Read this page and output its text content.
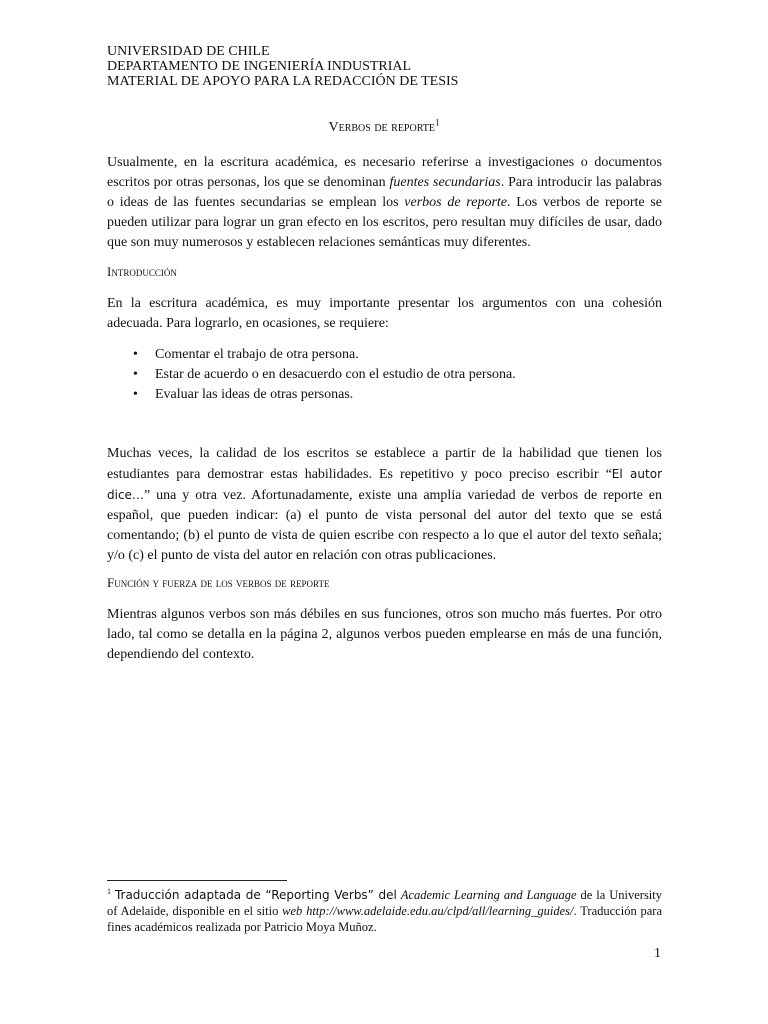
UNIVERSIDAD DE CHILE
DEPARTAMENTO DE INGENIERÍA INDUSTRIAL
MATERIAL DE APOYO PARA LA REDACCIÓN DE TESIS
Verbos de reporte$^1$

Usualmente, en la escritura académica, es necesario referirse a investigaciones o documentos escritos por otras personas, los que se denominan fuentes secundarias. Para introducir las palabras o ideas de las fuentes secundarias se emplean los verbos de reporte. Los verbos de reporte se pueden utilizar para lograr un gran efecto en los escritos, pero resultan muy difíciles de usar, dado que son muy numerosos y establecen relaciones semánticas muy diferentes.

Introducción

En la escritura académica, es muy importante presentar los argumentos con una cohesión adecuada. Para lograrlo, en ocasiones, se requiere:

• Comentar el trabajo de otra persona.
• Estar de acuerdo o en desacuerdo con el estudio de otra persona.
• Evaluar las ideas de otras personas.

Muchas veces, la calidad de los escritos se establece a partir de la habilidad que tienen los estudiantes para demostrar estas habilidades. Es repetitivo y poco preciso escribir “El autor dice…” una y otra vez. Afortunadamente, existe una amplia variedad de verbos de reporte en español, que pueden indicar: (a) el punto de vista personal del autor del texto que se está comentando; (b) el punto de vista de quien escribe con respecto a lo que el autor del texto señala; y/o (c) el punto de vista del autor en relación con otras publicaciones.

Función y fuerza de los verbos de reporte

Mientras algunos verbos son más débiles en sus funciones, otros son mucho más fuertes. Por otro lado, tal como se detalla en la página 2, algunos verbos pueden emplearse en más de una función, dependiendo del contexto.

$^1$ Traducción adaptada de “Reporting Verbs” del Academic Learning and Language de la University of Adelaide, disponible en el sitio web http://www.adelaide.edu.au/clpd/all/learning_guides/. Traducción para fines académicos realizada por Patricio Moya Muñoz.

1
